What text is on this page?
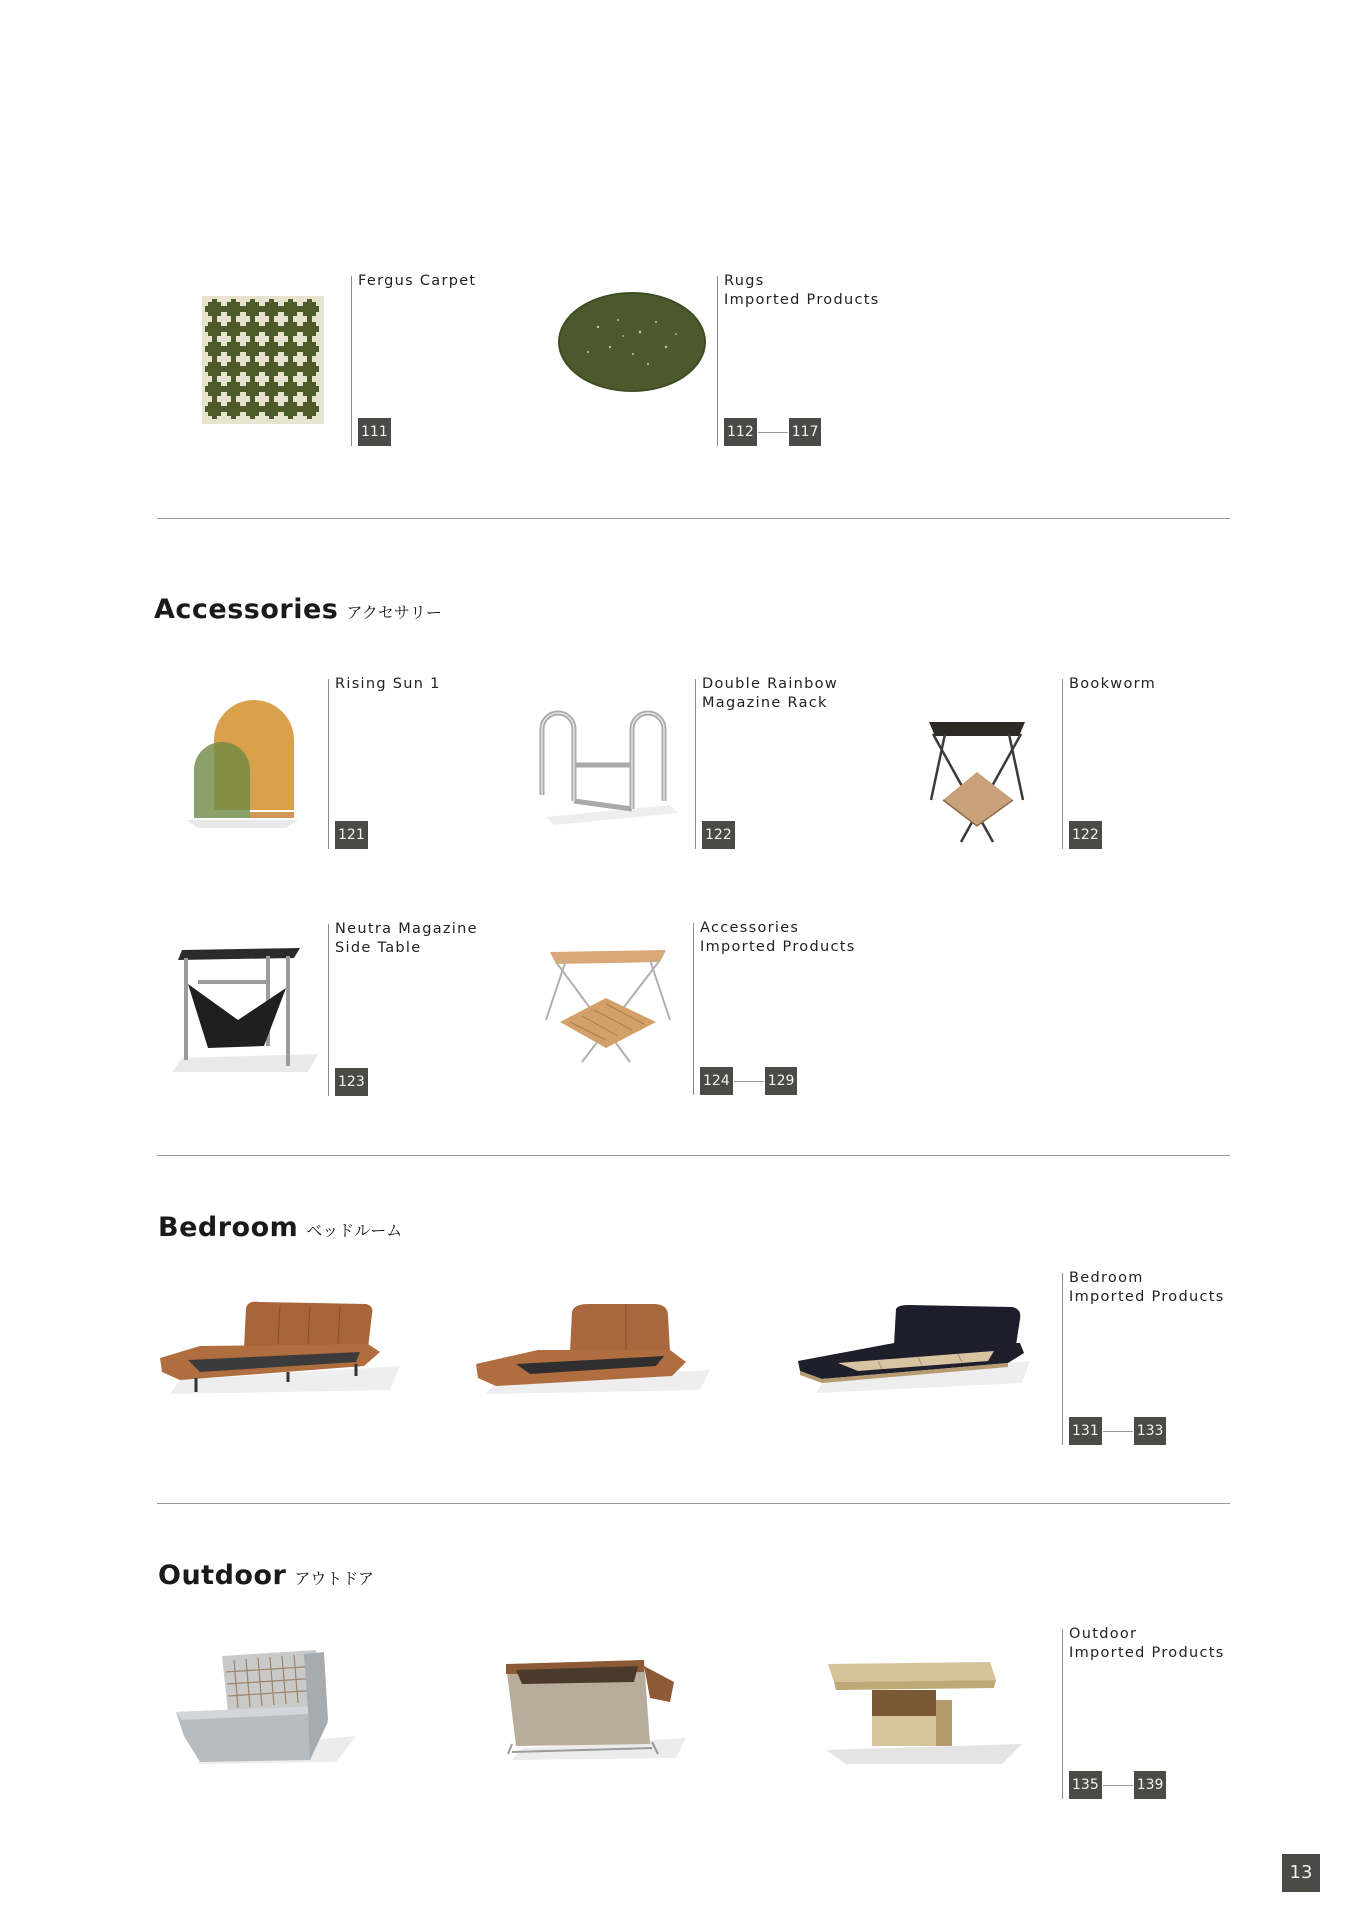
Fergus Carpet
111
Rugs
Imported Products
112	117
Accessories アクセサリー
Rising Sun 1
121
Double Rainbow
Magazine Rack
122
Bookworm
122
Neutra Magazine
Side Table
123
Accessories
Imported Products
124	129
Bedroom ベッドルーム
Bedroom
Imported Products
131	133
Outdoor アウトドア
Outdoor
Imported Products
135	139
13
